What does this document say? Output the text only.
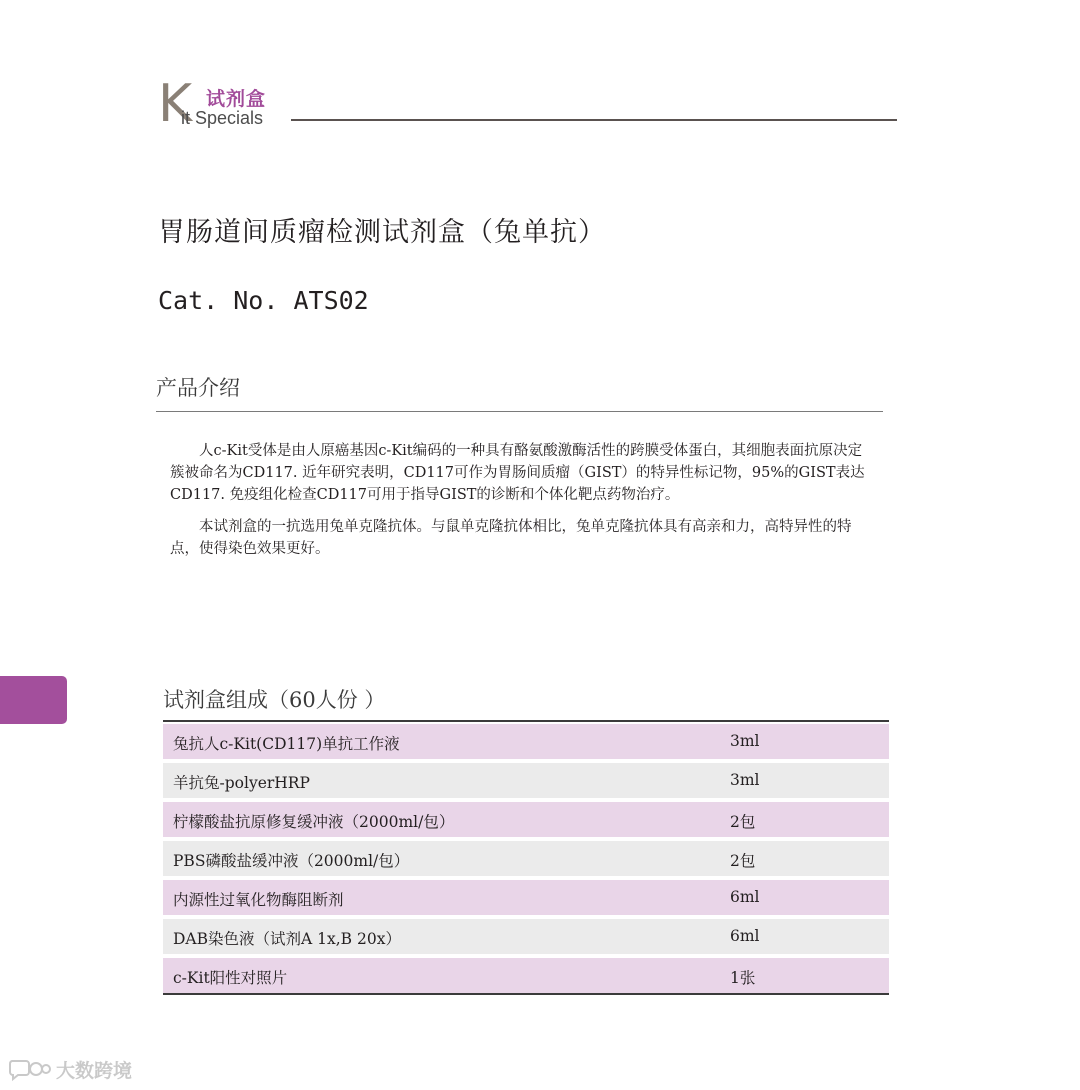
K 试剂盒
it Specials
胃肠道间质瘤检测试剂盒（兔单抗）
Cat. No. ATS02
产品介绍

人c-Kit受体是由人原癌基因c-Kit编码的一种具有酪氨酸激酶活性的跨膜受体蛋白，其细胞表面抗原决定簇被命名为CD117. 近年研究表明，CD117可作为胃肠间质瘤（GIST）的特异性标记物，95%的GIST表达CD117. 免疫组化检查CD117可用于指导GIST的诊断和个体化靶点药物治疗。

本试剂盒的一抗选用兔单克隆抗体。与鼠单克隆抗体相比，兔单克隆抗体具有高亲和力，高特异性的特点，使得染色效果更好。

试剂盒组成（60人份 ）
兔抗人c-Kit(CD117)单抗工作液	3ml
羊抗兔-polyerHRP	3ml
柠檬酸盐抗原修复缓冲液（2000ml/包）	2包
PBS磷酸盐缓冲液（2000ml/包）	2包
内源性过氧化物酶阻断剂	6ml
DAB染色液（试剂A 1x,B 20x）	6ml
c-Kit阳性对照片	1张
大数跨境
